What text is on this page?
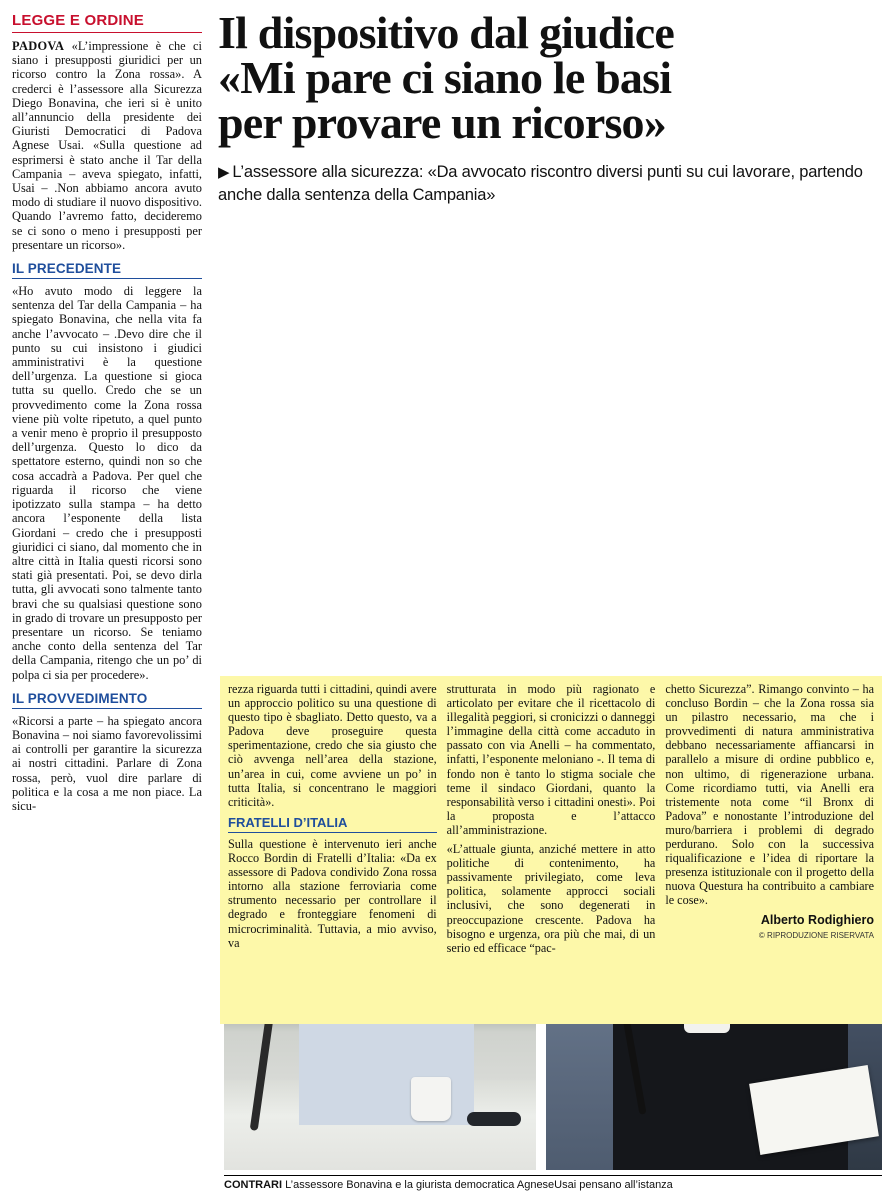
LEGGE E ORDINE
PADOVA «L’impressione è che ci siano i presupposti giuridici per un ricorso contro la Zona rossa». A crederci è l’assessore alla Sicurezza Diego Bonavina, che ieri si è unito all’annuncio della presidente dei Giuristi Democratici di Padova Agnese Usai. «Sulla questione ad esprimersi è stato anche il Tar della Campania – aveva spiegato, infatti, Usai – .Non abbiamo ancora avuto modo di studiare il nuovo dispositivo. Quando l’avremo fatto, decideremo se ci sono o meno i presupposti per presentare un ricorso».
IL PRECEDENTE
«Ho avuto modo di leggere la sentenza del Tar della Campania – ha spiegato Bonavina, che nella vita fa anche l’avvocato – .Devo dire che il punto su cui insistono i giudici amministrativi è la questione dell’urgenza. La questione si gioca tutta su quello. Credo che se un provvedimento come la Zona rossa viene più volte ripetuto, a quel punto a venir meno è proprio il presupposto dell’urgenza. Questo lo dico da spettatore esterno, quindi non so che cosa accadrà a Padova. Per quel che riguarda il ricorso che viene ipotizzato sulla stampa – ha detto ancora l’esponente della lista Giordani – credo che i presupposti giuridici ci siano, dal momento che in altre città in Italia questi ricorsi sono stati già presentati. Poi, se devo dirla tutta, gli avvocati sono talmente tanto bravi che su qualsiasi questione sono in grado di trovare un presupposto per presentare un ricorso. Se teniamo anche conto della sentenza del Tar della Campania, ritengo che un po’ di polpa ci sia per procedere».
IL PROVVEDIMENTO
«Ricorsi a parte – ha spiegato ancora Bonavina – noi siamo favorevolissimi ai controlli per garantire la sicurezza ai nostri cittadini. Parlare di Zona rossa, però, vuol dire parlare di politica e la cosa a me non piace. La sicu-
Il dispositivo dal giudice
«Mi pare ci siano le basi
per provare un ricorso»
▶ L’assessore alla sicurezza: «Da avvocato riscontro diversi punti su cui lavorare, partendo anche dalla sentenza della Campania»
CONTRARI L’assessore Bonavina e la giurista democratica AgneseUsai pensano all’istanza

rezza riguarda tutti i cittadini, quindi avere un approccio politico su una questione di questo tipo è sbagliato. Detto questo, va a Padova deve proseguire questa sperimentazione, credo che sia giusto che ciò avvenga nell’area della stazione, un’area in cui, come avviene un po’ in tutta Italia, si concentrano le maggiori criticità».

FRATELLI D’ITALIA

Sulla questione è intervenuto ieri anche Rocco Bordin di Fratelli d’Italia: «Da ex assessore di Padova condivido Zona rossa intorno alla stazione ferroviaria come strumento necessario per controllare il degrado e fronteggiare fenomeni di microcriminalità. Tuttavia, a mio avviso, va

strutturata in modo più ragionato e articolato per evitare che il ricettacolo di illegalità peggiori, si cronicizzi o danneggi l’immagine della città come accaduto in passato con via Anelli – ha commentato, infatti, l’esponente meloniano -. Il tema di fondo non è tanto lo stigma sociale che teme il sindaco Giordani, quanto la responsabilità verso i cittadini onesti». Poi la proposta e l’attacco all’amministrazione.

«L’attuale giunta, anziché mettere in atto politiche di contenimento, ha passivamente privilegiato, come leva politica, solamente approcci sociali inclusivi, che sono degenerati in preoccupazione crescente. Padova ha bisogno e urgenza, ora più che mai, di un serio ed efficace “pac-

chetto Sicurezza”. Rimango convinto – ha concluso Bordin – che la Zona rossa sia un pilastro necessario, ma che i provvedimenti di natura amministrativa debbano necessariamente affiancarsi in parallelo a misure di ordine pubblico e, non ultimo, di rigenerazione urbana. Come ricordiamo tutti, via Anelli era tristemente nota come “il Bronx di Padova” e nonostante l’introduzione del muro/barriera i problemi di degrado perdurano. Solo con la successiva riqualificazione e l’idea di riportare la presenza istituzionale con il progetto della nuova Questura ha contribuito a cambiare le cose».

Alberto Rodighiero
© RIPRODUZIONE RISERVATA
